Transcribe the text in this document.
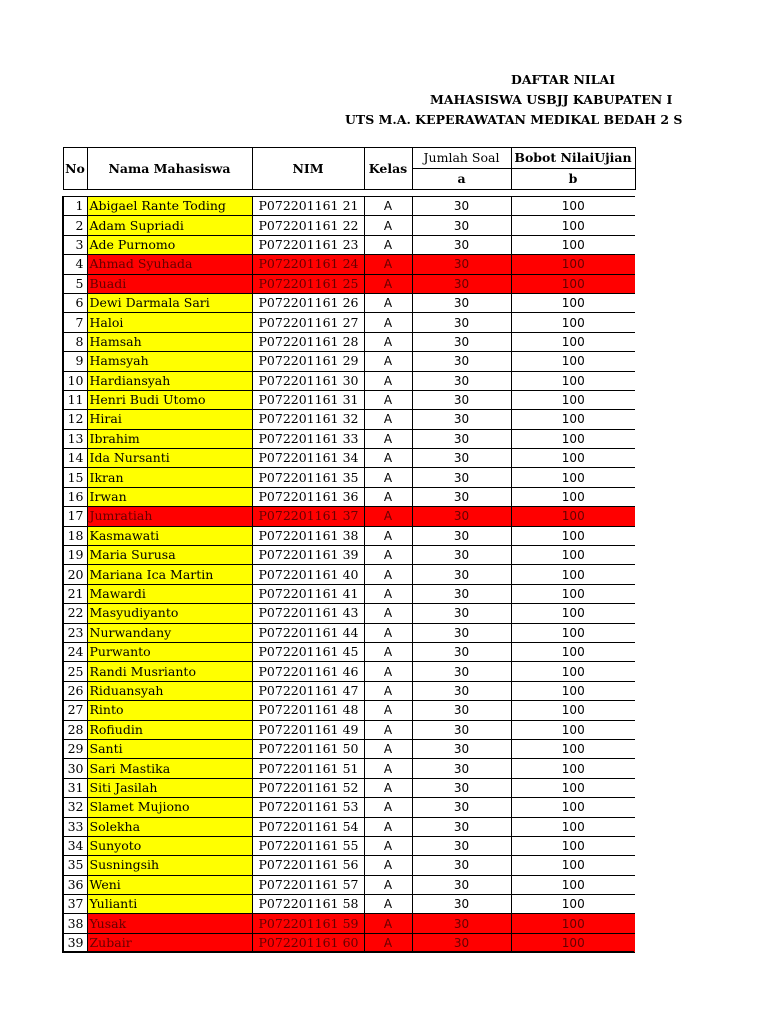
DAFTAR NILAI
MAHASISWA USBJJ KABUPATEN I
UTS M.A. KEPERAWATAN MEDIKAL BEDAH 2 S
No	Nama Mahasiswa	NIM	Kelas	Jumlah Soal	Bobot NilaiUjian
				a	b

1	Abigael Rante Toding	P072201161 21	A	30	100
2	Adam Supriadi	P072201161 22	A	30	100
3	Ade Purnomo	P072201161 23	A	30	100
4	Ahmad Syuhada	P072201161 24	A	30	100
5	Buadi	P072201161 25	A	30	100
6	Dewi Darmala Sari	P072201161 26	A	30	100
7	Haloi	P072201161 27	A	30	100
8	Hamsah	P072201161 28	A	30	100
9	Hamsyah	P072201161 29	A	30	100
10	Hardiansyah	P072201161 30	A	30	100
11	Henri Budi Utomo	P072201161 31	A	30	100
12	Hirai	P072201161 32	A	30	100
13	Ibrahim	P072201161 33	A	30	100
14	Ida Nursanti	P072201161 34	A	30	100
15	Ikran	P072201161 35	A	30	100
16	Irwan	P072201161 36	A	30	100
17	Jumratiah	P072201161 37	A	30	100
18	Kasmawati	P072201161 38	A	30	100
19	Maria Surusa	P072201161 39	A	30	100
20	Mariana Ica Martin	P072201161 40	A	30	100
21	Mawardi	P072201161 41	A	30	100
22	Masyudiyanto	P072201161 43	A	30	100
23	Nurwandany	P072201161 44	A	30	100
24	Purwanto	P072201161 45	A	30	100
25	Randi Musrianto	P072201161 46	A	30	100
26	Riduansyah	P072201161 47	A	30	100
27	Rinto	P072201161 48	A	30	100
28	Rofiudin	P072201161 49	A	30	100
29	Santi	P072201161 50	A	30	100
30	Sari Mastika	P072201161 51	A	30	100
31	Siti Jasilah	P072201161 52	A	30	100
32	Slamet Mujiono	P072201161 53	A	30	100
33	Solekha	P072201161 54	A	30	100
34	Sunyoto	P072201161 55	A	30	100
35	Susningsih	P072201161 56	A	30	100
36	Weni	P072201161 57	A	30	100
37	Yulianti	P072201161 58	A	30	100
38	Yusak	P072201161 59	A	30	100
39	Zubair	P072201161 60	A	30	100
